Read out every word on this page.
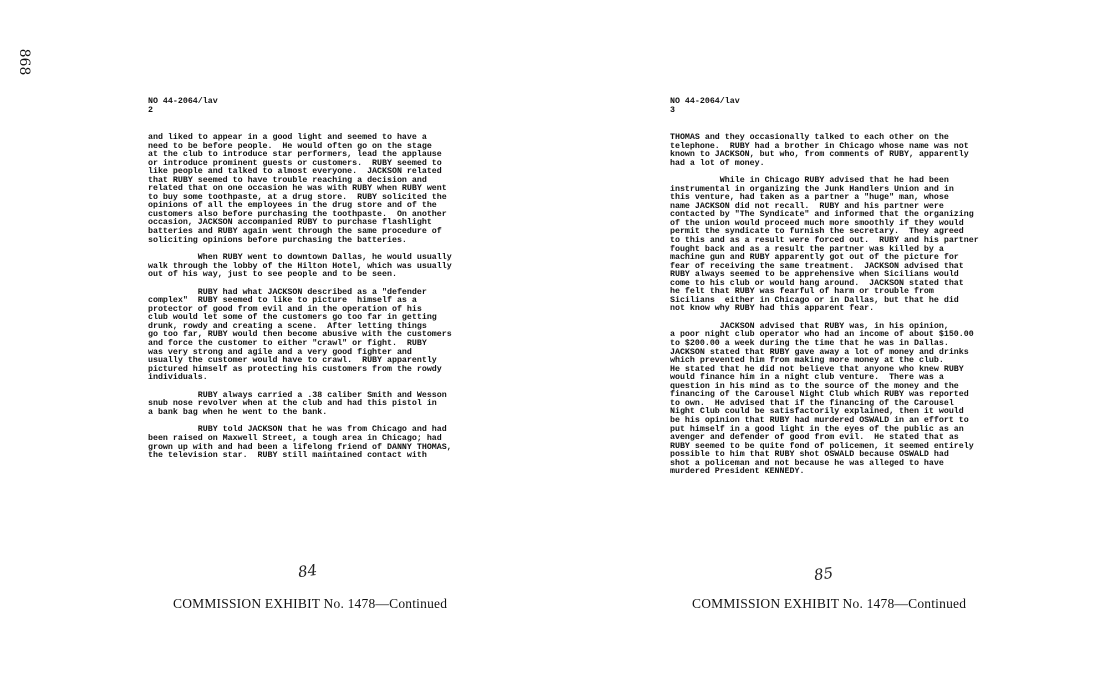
868
NO 44-2064/lav
2
and liked to appear in a good light and seemed to have a
need to be before people.  He would often go on the stage
at the club to introduce star performers, lead the applause
or introduce prominent guests or customers.  RUBY seemed to
like people and talked to almost everyone.  JACKSON related
that RUBY seemed to have trouble reaching a decision and
related that on one occasion he was with RUBY when RUBY went
to buy some toothpaste, at a drug store.  RUBY solicited the
opinions of all the employees in the drug store and of the
customers also before purchasing the toothpaste.  On another
occasion, JACKSON accompanied RUBY to purchase flashlight
batteries and RUBY again went through the same procedure of
soliciting opinions before purchasing the batteries.
When RUBY went to downtown Dallas, he would usually
walk through the lobby of the Hilton Hotel, which was usually
out of his way, just to see people and to be seen.
RUBY had what JACKSON described as a "defender
complex"  RUBY seemed to like to picture  himself as a
protector of good from evil and in the operation of his
club would let some of the customers go too far in getting
drunk, rowdy and creating a scene.  After letting things
go too far, RUBY would then become abusive with the customers
and force the customer to either "crawl" or fight.  RUBY
was very strong and agile and a very good fighter and
usually the customer would have to crawl.  RUBY apparently
pictured himself as protecting his customers from the rowdy
individuals.
RUBY always carried a .38 caliber Smith and Wesson
snub nose revolver when at the club and had this pistol in
a bank bag when he went to the bank.
RUBY told JACKSON that he was from Chicago and had
been raised on Maxwell Street, a tough area in Chicago; had
grown up with and had been a lifelong friend of DANNY THOMAS,
the television star.  RUBY still maintained contact with
NO 44-2064/lav
3
THOMAS and they occasionally talked to each other on the
telephone.  RUBY had a brother in Chicago whose name was not
known to JACKSON, but who, from comments of RUBY, apparently
had a lot of money.
While in Chicago RUBY advised that he had been
instrumental in organizing the Junk Handlers Union and in
this venture, had taken as a partner a "huge" man, whose
name JACKSON did not recall.  RUBY and his partner were
contacted by "The Syndicate" and informed that the organizing
of the union would proceed much more smoothly if they would
permit the syndicate to furnish the secretary.  They agreed
to this and as a result were forced out.  RUBY and his partner
fought back and as a result the partner was killed by a
machine gun and RUBY apparently got out of the picture for
fear of receiving the same treatment.  JACKSON advised that
RUBY always seemed to be apprehensive when Sicilians would
come to his club or would hang around.  JACKSON stated that
he felt that RUBY was fearful of harm or trouble from
Sicilians  either in Chicago or in Dallas, but that he did
not know why RUBY had this apparent fear.
JACKSON advised that RUBY was, in his opinion,
a poor night club operator who had an income of about $150.00
to $200.00 a week during the time that he was in Dallas.
JACKSON stated that RUBY gave away a lot of money and drinks
which prevented him from making more money at the club.
He stated that he did not believe that anyone who knew RUBY
would finance him in a night club venture.  There was a
question in his mind as to the source of the money and the
financing of the Carousel Night Club which RUBY was reported
to own.  He advised that if the financing of the Carousel
Night Club could be satisfactorily explained, then it would
be his opinion that RUBY had murdered OSWALD in an effort to
put himself in a good light in the eyes of the public as an
avenger and defender of good from evil.  He stated that as
RUBY seemed to be quite fond of policemen, it seemed entirely
possible to him that RUBY shot OSWALD because OSWALD had
shot a policeman and not because he was alleged to have
murdered President KENNEDY.
84	85
COMMISSION EXHIBIT No. 1478—Continued	COMMISSION EXHIBIT No. 1478—Continued
